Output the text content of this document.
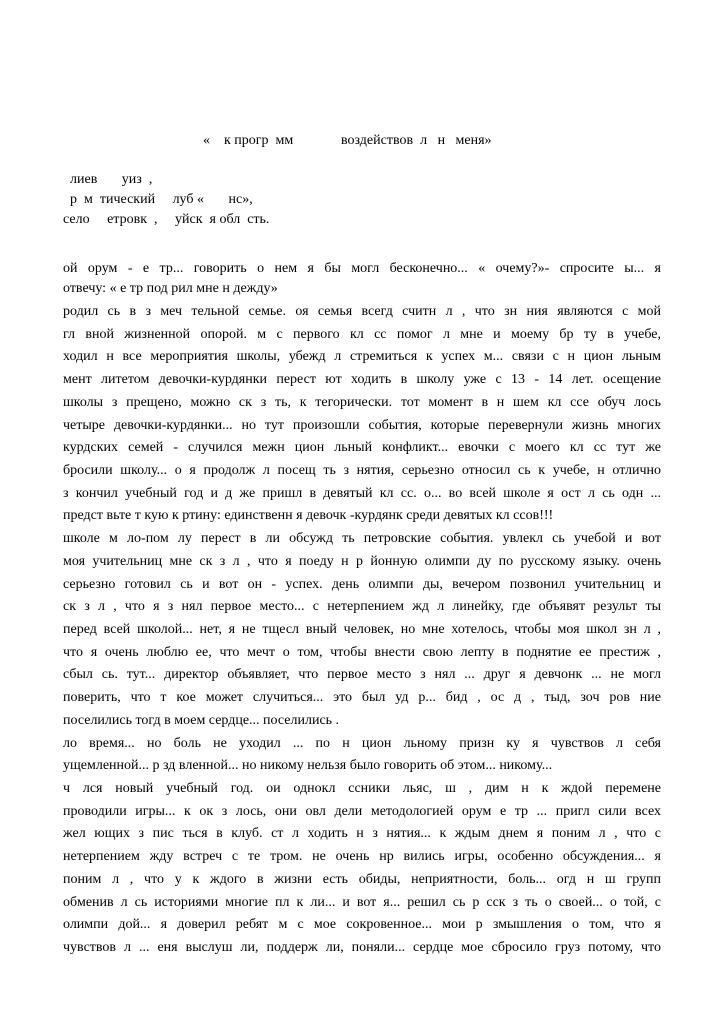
«    к прогр  мм	воздействов  л   н   меня»
лиев       уиз  ,
р  м  тический     луб «       нс»,
село     етровк  ,     уйск  я обл  сть.
ой орум - е тр... говорить о нем я бы могл бесконечно... « очему?»- спросите ы... я
отвечу: « е тр под рил мне н дежду»
родил сь в з меч тельной семье. оя семья всегд считн л , что зн ния являются с мой
гл вной жизненной опорой. м с первого кл сс помог л мне и моему бр ту в учебе,
ходил н все мероприятия школы, убежд л стремиться к успех м... связи с н цион льным
мент литетом девочки-курдянки перест ют ходить в школу уже с 13 - 14 лет. осещение
школы з прещено, можно ск з ть, к тегорически. тот момент в н шем кл ссе обуч лось
четыре девочки-курдянки... но тут произошли события, которые перевернули жизнь многих
курдских семей - случился межн цион льный конфликт... евочки с моего кл сс тут же
бросили школу... о я продолж л посещ ть з нятия, серьезно относил сь к учебе, н отлично
з кончил учебный год и д же пришл в девятый кл сс. о... во всей школе я ост л сь одн ...
предст вьте т кую к ртину: единственн я девочк -курдянк среди девятых кл ссов!!!
школе м ло-пом лу перест в ли обсужд ть петровские события. увлекл сь учебой и вот
моя учительниц мне ск з л , что я поеду н р йонную олимпи ду по русскому языку. очень
серьезно готовил сь и вот он - успех. день олимпи ды, вечером позвонил учительниц и
ск з л , что я з нял первое место... с нетерпением жд л линейку, где объявят результ ты
перед всей школой... нет, я не тщесл вный человек, но мне хотелось, чтобы моя школ зн л ,
что я очень люблю ее, что мечт о том, чтобы внести свою лепту в поднятие ее престиж ,
сбыл сь. тут... директор объявляет, что первое место з нял ... друг я девчонк ... не могл
поверить, что т кое может случиться... это был уд р... бид , ос д , тыд, зоч ров ние
поселились тогд в моем сердце... поселились .
ло время... но боль не уходил ... по н цион льному призн ку я чувствов л себя
ущемленной... р зд вленной... но никому нельзя было говорить об этом... никому...
ч лся новый учебный год. ои однокл ссники льяс, ш , дим н к ждой перемене
проводили игры... к ок з лось, они овл дели методологией орум е тр ... пригл сили всех
жел ющих з пис ться в клуб. ст л ходить н з нятия... к ждым днем я поним л , что с
нетерпением жду встреч с те тром. не очень нр вились игры, особенно обсуждения... я
поним л , что у к ждого в жизни есть обиды, неприятности, боль... огд н ш групп
обменив л сь историями многие пл к ли... и вот я... решил сь р сск з ть о своей... о той, с
олимпи дой... я доверил ребят м с мое сокровенное... мои р змышления о том, что я
чувствов л ... еня выслуш ли, поддерж ли, поняли... сердце мое сбросило груз потому, что
